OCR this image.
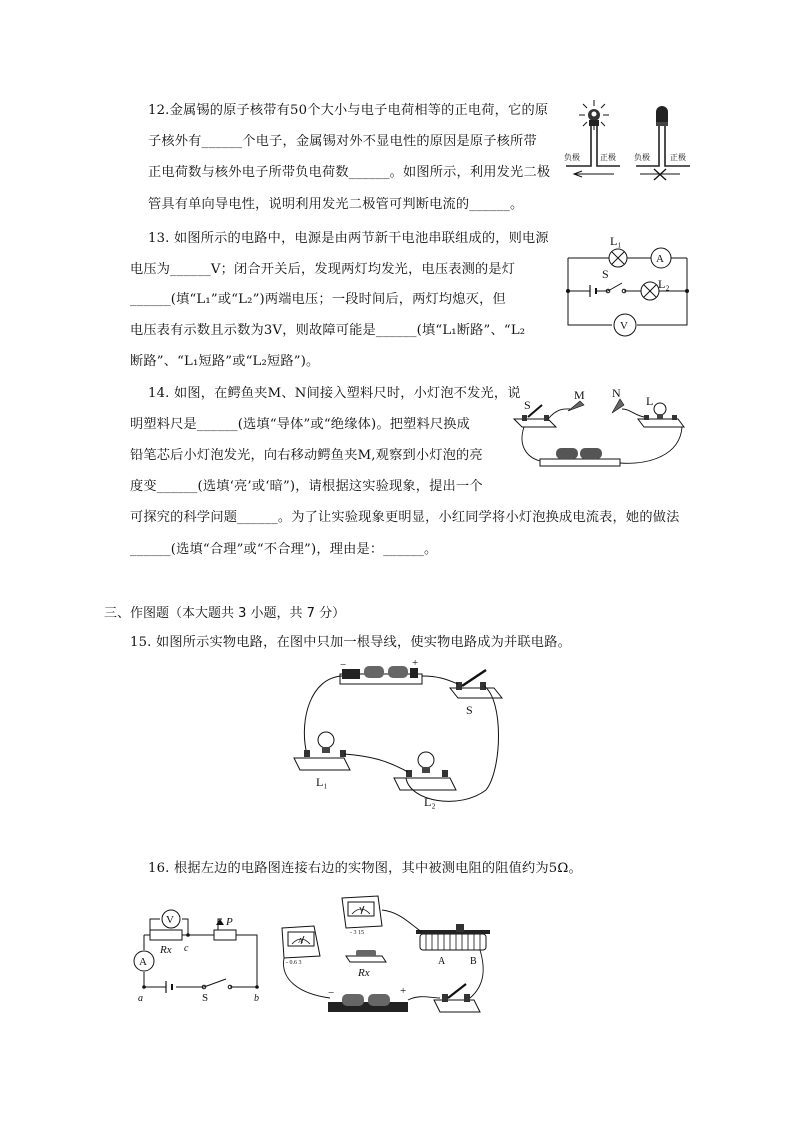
12.金属锡的原子核带有50个大小与电子电荷相等的正电荷，它的原
子核外有______个电子，金属锡对外不显电性的原因是原子核所带
正电荷数与核外电子所带负电荷数______。如图所示，利用发光二极
管具有单向导电性，说明利用发光二极管可判断电流的______。
负极	正极 负极	正极
13. 如图所示的电路中，电源是由两节新干电池串联组成的，则电源
电压为______V；闭合开关后，发现两灯均发光，电压表测的是灯
______(填“L₁”或“L₂”)两端电压；一段时间后，两灯均熄灭，但
电压表有示数且示数为3V，则故障可能是______(填“L₁断路”、“L₂
断路”、“L₁短路”或“L₂短路”)。
L₁
A
S
L₂
V
14. 如图，在鳄鱼夹M、N间接入塑料尺时，小灯泡不发光，说
明塑料尺是______(选填“导体”或“绝缘体)。把塑料尺换成
铅笔芯后小灯泡发光，向右移动鳄鱼夹M,观察到小灯泡的亮
度变______(选填‘亮’或‘暗”)，请根据这实验现象，提出一个
可探究的科学问题______。为了让实验现象更明显，小红同学将小灯泡换成电流表，她的做法
______(选填“合理”或“不合理”)，理由是：______。
S
M N
L
三、作图题（本大题共 3 小题，共 7 分）
15. 如图所示实物电路，在图中只加一根导线，使实物电路成为并联电路。
−	+
S
L₁
L₂
16. 根据左边的电路图连接右边的实物图，其中被测电阻的阻值约为5Ω。
V
A
Rx
P
c
S
a	b
A
- 0.6 3
V
- 3 15
Rx
A B
−	+
